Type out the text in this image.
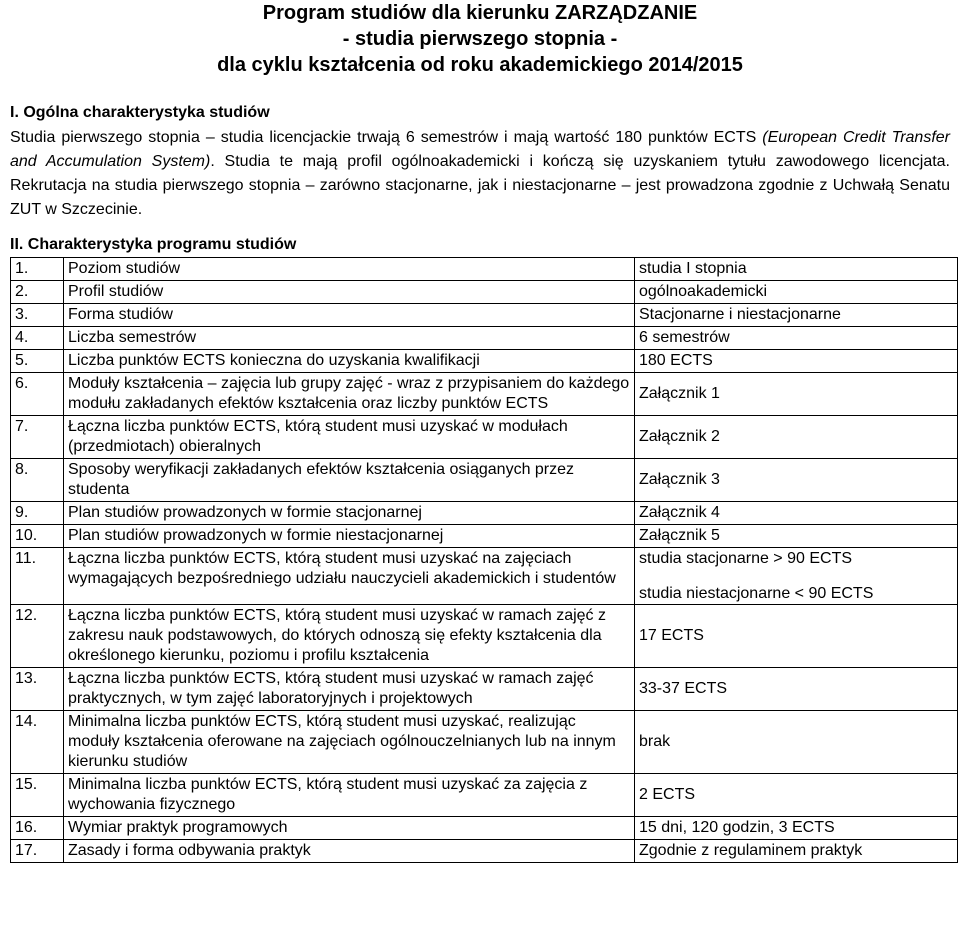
Program studiów dla kierunku ZARZĄDZANIE
- studia pierwszego stopnia -
dla cyklu kształcenia od roku akademickiego 2014/2015
I. Ogólna charakterystyka studiów
Studia pierwszego stopnia – studia licencjackie trwają 6 semestrów i mają wartość 180 punktów ECTS (European Credit Transfer and Accumulation System). Studia te mają profil ogólnoakademicki i kończą się uzyskaniem tytułu zawodowego licencjata. Rekrutacja na studia pierwszego stopnia – zarówno stacjonarne, jak i niestacjonarne – jest prowadzona zgodnie z Uchwałą Senatu ZUT w Szczecinie.
II. Charakterystyka programu studiów
1.	Poziom studiów	studia I stopnia
2.	Profil studiów	ogólnoakademicki
3.	Forma studiów	Stacjonarne i niestacjonarne
4.	Liczba semestrów	6 semestrów
5.	Liczba punktów ECTS konieczna do uzyskania kwalifikacji	180 ECTS
6.	Moduły kształcenia – zajęcia lub grupy zajęć - wraz z przypisaniem do każdego modułu zakładanych efektów kształcenia oraz liczby punktów ECTS	Załącznik 1
7.	Łączna liczba punktów ECTS, którą student musi uzyskać w modułach (przedmiotach) obieralnych	Załącznik 2
8.	Sposoby weryfikacji zakładanych efektów kształcenia osiąganych przez studenta	Załącznik 3
9.	Plan studiów prowadzonych w formie stacjonarnej	Załącznik 4
10.	Plan studiów prowadzonych w formie niestacjonarnej	Załącznik 5
11.	Łączna liczba punktów ECTS, którą student musi uzyskać na zajęciach wymagających bezpośredniego udziału nauczycieli akademickich i studentów	studia stacjonarne > 90 ECTS
studia niestacjonarne < 90 ECTS

12.	Łączna liczba punktów ECTS, którą student musi uzyskać w ramach zajęć z zakresu nauk podstawowych, do których odnoszą się efekty kształcenia dla określonego kierunku, poziomu i profilu kształcenia	17 ECTS
13.	Łączna liczba punktów ECTS, którą student musi uzyskać w ramach zajęć praktycznych, w tym zajęć laboratoryjnych i projektowych	33-37 ECTS
14.	Minimalna liczba punktów ECTS, którą student musi uzyskać, realizując moduły kształcenia oferowane na zajęciach ogólnouczelnianych lub na innym kierunku studiów	brak
15.	Minimalna liczba punktów ECTS, którą student musi uzyskać za zajęcia z wychowania fizycznego	2 ECTS
16.	Wymiar praktyk programowych	15 dni, 120 godzin, 3 ECTS
17.	Zasady i forma odbywania praktyk	Zgodnie z regulaminem praktyk
